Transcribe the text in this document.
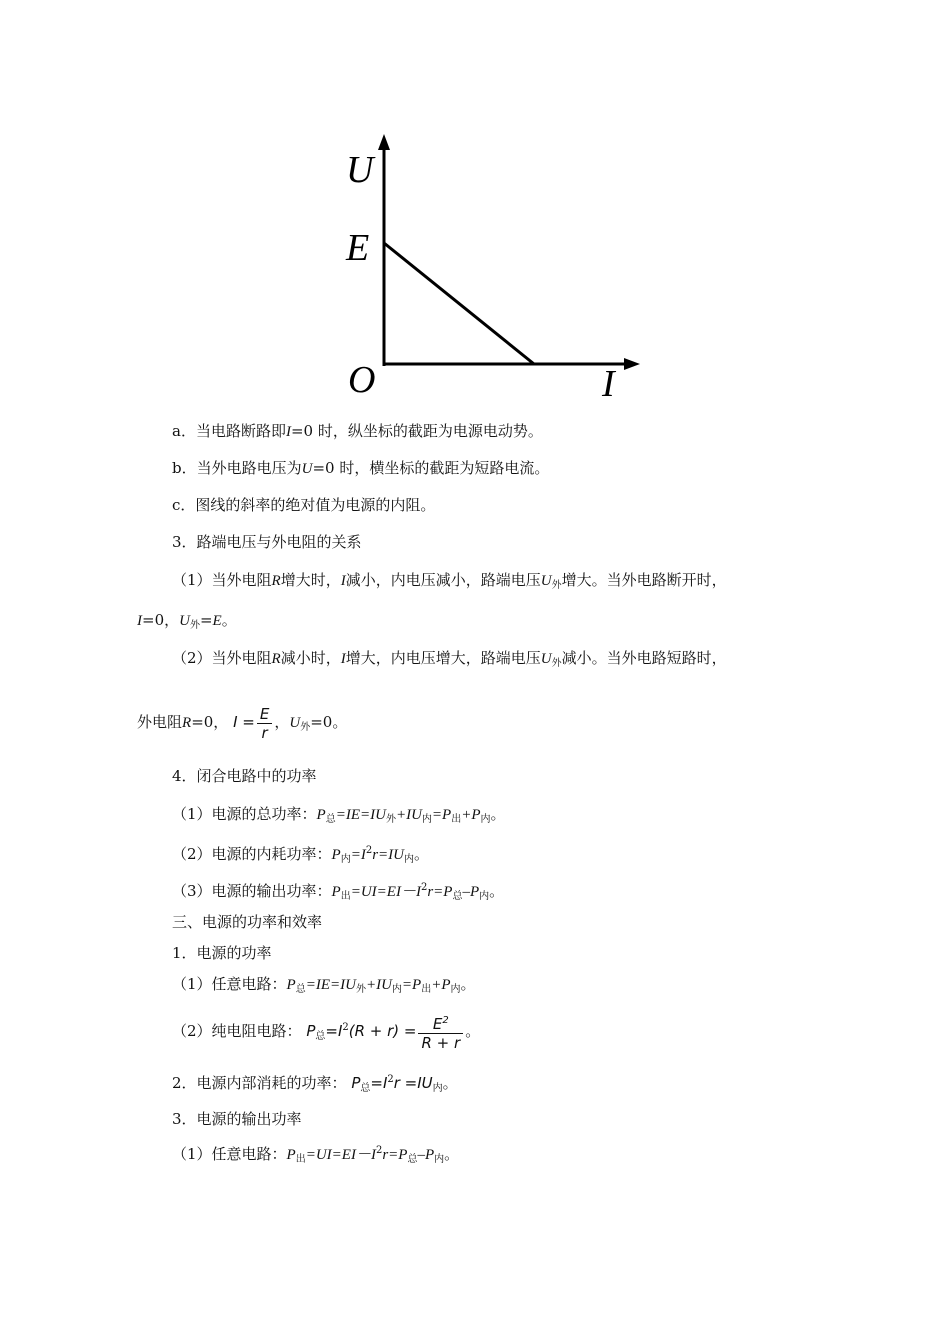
U
E
O	I
a．当电路断路即I=0 时，纵坐标的截距为电源电动势。
b．当外电路电压为U=0 时，横坐标的截距为短路电流。
c．图线的斜率的绝对值为电源的内阻。
3．路端电压与外电阻的关系
（1）当外电阻R增大时，I减小，内电压减小，路端电压$U_外$增大。当外电路断开时，
I=0，$U_外=E$。
（2）当外电阻R减小时，I增大，内电压增大，路端电压$U_外$减小。当外电路短路时，
外电阻R=0， $I = \frac{E}{r}$ ，$U_外=0$。
4．闭合电路中的功率
（1）电源的总功率：$P_总=IE=IU_外+IU_内=P_出+P_内$。
（2）电源的内耗功率：$P_内=I^2r=IU_内$。
（3）电源的输出功率：$P_出=UI=EI-I^2r=P_总-P_内$。
三、电源的功率和效率
1．电源的功率
（1）任意电路：$P_总=IE=IU_外+IU_内=P_出+P_内$。
（2）纯电阻电路： $P_总=I^2(R + r) = \frac{E^2}{R + r}$ 。
2．电源内部消耗的功率： $P_总=I^2r =IU_内$。
3．电源的输出功率
（1）任意电路：$P_出=UI=EI-I^2r=P_总-P_内$。
